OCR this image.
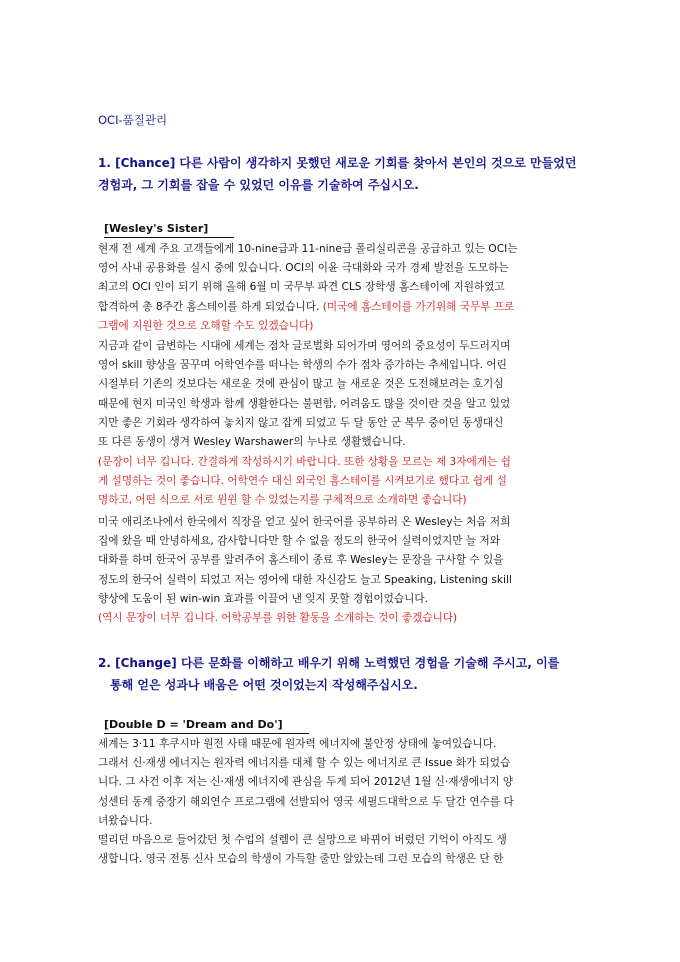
OCI-품질관리
1. [Chance] 다른 사람이 생각하지 못했던 새로운 기회를 찾아서 본인의 것으로 만들었던
경험과, 그 기회를 잡을 수 있었던 이유를 기술하여 주십시오.
[Wesley's Sister]
현재 전 세계 주요 고객들에게 10-nine급과 11-nine급 폴리실리콘을 공급하고 있는 OCI는
영어 사내 공용화를 실시 중에 있습니다. OCI의 이윤 극대화와 국가 경제 발전을 도모하는
최고의 OCI 인이 되기 위해 올해 6월 미 국무부 파견 CLS 장학생 홈스테이에 지원하였고
합격하여 총 8주간 홈스테이를 하게 되었습니다. (미국에 홈스테이를 가기위해 국무부 프로
그램에 지원한 것으로 오해할 수도 있겠습니다)
지금과 같이 급변하는 시대에 세계는 점차 글로벌화 되어가며 영어의 중요성이 두드러지며
영어 skill 향상을 꿈꾸며 어학연수를 떠나는 학생의 수가 점차 증가하는 추세입니다. 어린
시절부터 기존의 것보다는 새로운 것에 관심이 많고 늘 새로운 것은 도전해보려는 호기심
때문에 현지 미국인 학생과 함께 생활한다는 불편함, 어려움도 많을 것이란 것을 알고 있었
지만 좋은 기회라 생각하여 놓치지 않고 잡게 되었고 두 달 동안 군 복무 중이던 동생대신
또 다른 동생이 생겨 Wesley Warshawer의 누나로 생활했습니다.
(문장이 너무 깁니다. 간결하게 작성하시기 바랍니다. 또한 상황을 모르는 제 3자에게는 쉽
게 설명하는 것이 좋습니다. 어학연수 대신 외국인 홈스테이를 시켜보기로 했다고 쉽게 설
명하고, 어떤 식으로 서로 윈윈 할 수 있었는지를 구체적으로 소개하면 좋습니다)
미국 애리조나에서 한국에서 직장을 얻고 싶어 한국어를 공부하러 온 Wesley는 처음 저희
집에 왔을 때 안녕하세요, 감사합니다만 할 수 없을 정도의 한국어 실력이었지만 늘 저와
대화를 하며 한국어 공부를 알려주어 홈스테이 종료 후 Wesley는 문장을 구사할 수 있을
정도의 한국어 실력이 되었고 저는 영어에 대한 자신감도 늘고 Speaking, Listening skill
향상에 도움이 된 win-win 효과를 이끌어 낸 잊지 못할 경험이었습니다.
(역시 문장이 너무 깁니다. 어학공부를 위한 활동을 소개하는 것이 좋겠습니다)
2. [Change] 다른 문화를 이해하고 배우기 위해 노력했던 경험을 기술해 주시고, 이를
통해 얻은 성과나 배움은 어떤 것이었는지 작성해주십시오.
[Double D = 'Dream and Do']
세계는 3·11 후쿠시마 원전 사태 때문에 원자력 에너지에 불안정 상태에 놓여있습니다.
그래서 신·재생 에너지는 원자력 에너지를 대체 할 수 있는 에너지로 큰 Issue 화가 되었습
니다. 그 사건 이후 저는 신·재생 에너지에 관심을 두게 되어 2012년 1월 신·재생에너지 양
성센터 동계 중장기 해외연수 프로그램에 선발되어 영국 셰필드대학으로 두 달간 연수를 다
녀왔습니다.
떨리던 마음으로 들어갔던 첫 수업의 설렘이 큰 실망으로 바뀌어 버렸던 기억이 아직도 생
생합니다. 영국 전통 신사 모습의 학생이 가득할 줄만 알았는데 그런 모습의 학생은 단 한
